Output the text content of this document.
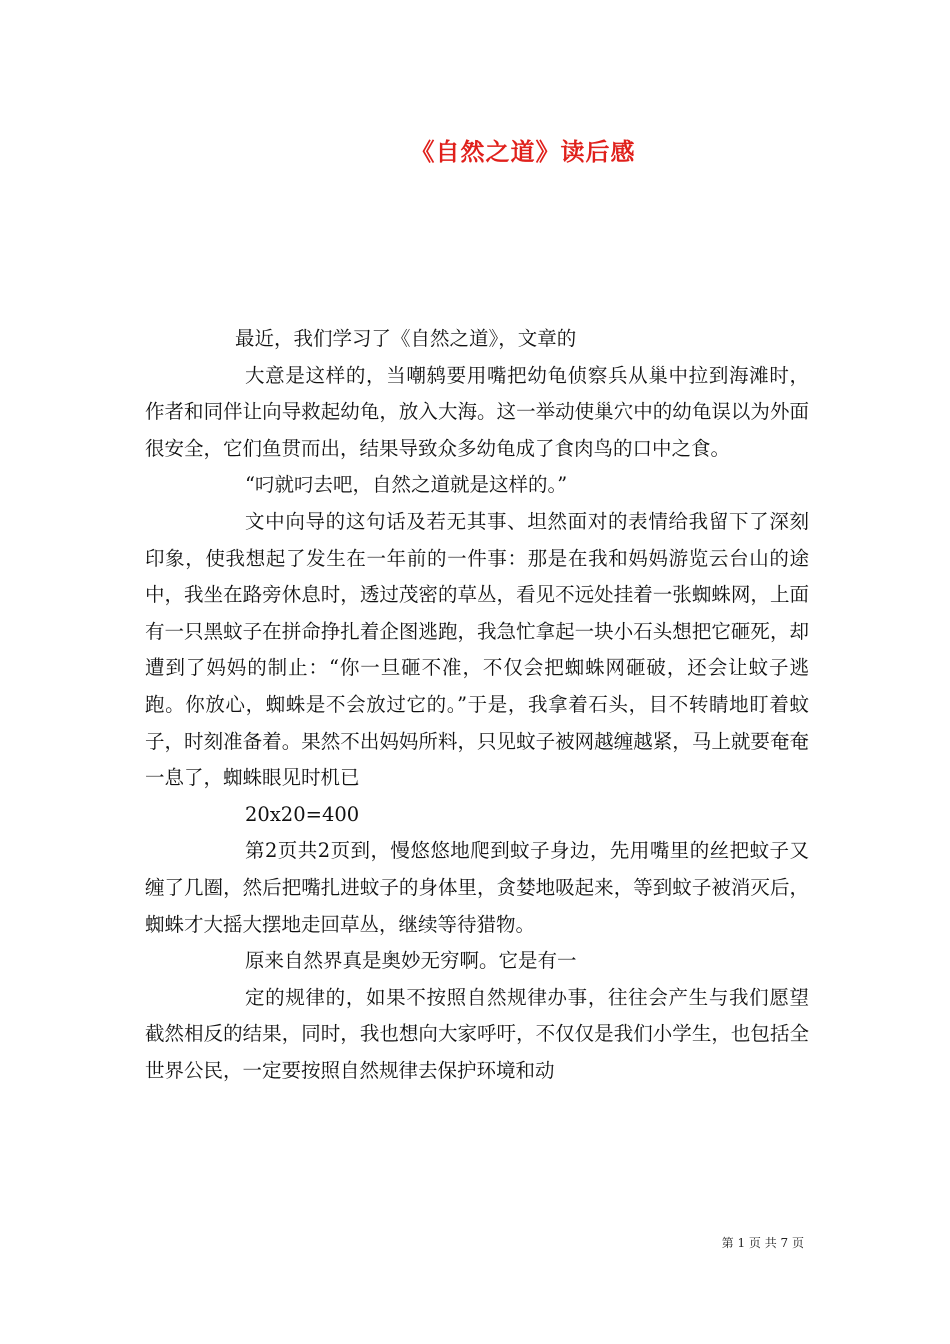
《自然之道》读后感

最近，我们学习了《自然之道》，文章的

大意是这样的，当嘲鸫要用嘴把幼龟侦察兵从巢中拉到海滩时，作者和同伴让向导救起幼龟，放入大海。这一举动使巢穴中的幼龟误以为外面很安全，它们鱼贯而出，结果导致众多幼龟成了食肉鸟的口中之食。

“叼就叼去吧，自然之道就是这样的。”

文中向导的这句话及若无其事、坦然面对的表情给我留下了深刻印象，使我想起了发生在一年前的一件事：那是在我和妈妈游览云台山的途中，我坐在路旁休息时，透过茂密的草丛，看见不远处挂着一张蜘蛛网，上面有一只黑蚊子在拼命挣扎着企图逃跑，我急忙拿起一块小石头想把它砸死，却遭到了妈妈的制止：“你一旦砸不准，不仅会把蜘蛛网砸破，还会让蚊子逃跑。你放心，蜘蛛是不会放过它的。”于是，我拿着石头，目不转睛地盯着蚊子，时刻准备着。果然不出妈妈所料，只见蚊子被网越缠越紧，马上就要奄奄一息了，蜘蛛眼见时机已

20x20=400

第2页共2页到，慢悠悠地爬到蚊子身边，先用嘴里的丝把蚊子又缠了几圈，然后把嘴扎进蚊子的身体里，贪婪地吸起来，等到蚊子被消灭后，蜘蛛才大摇大摆地走回草丛，继续等待猎物。

原来自然界真是奥妙无穷啊。它是有一

定的规律的，如果不按照自然规律办事，往往会产生与我们愿望截然相反的结果，同时，我也想向大家呼吁，不仅仅是我们小学生，也包括全世界公民，一定要按照自然规律去保护环境和动

第 1 页 共 7 页
